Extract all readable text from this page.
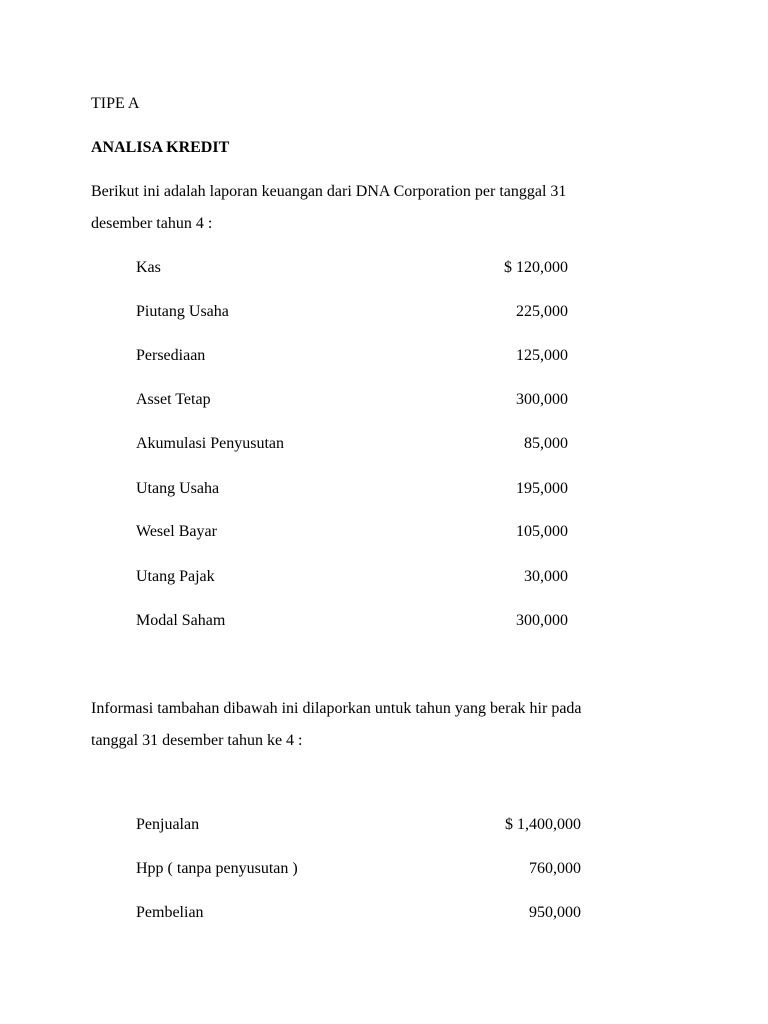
TIPE A
ANALISA KREDIT
Berikut ini adalah laporan keuangan dari DNA Corporation per tanggal 31
desember tahun 4 :
Kas	$ 120,000
Piutang Usaha	225,000
Persediaan	125,000
Asset Tetap	300,000
Akumulasi Penyusutan	85,000
Utang Usaha	195,000
Wesel Bayar	105,000
Utang Pajak	30,000
Modal Saham	300,000
Informasi tambahan dibawah ini dilaporkan untuk tahun yang berak hir pada
tanggal 31 desember tahun ke 4 :
Penjualan	$ 1,400,000
Hpp ( tanpa penyusutan )	760,000
Pembelian	950,000
